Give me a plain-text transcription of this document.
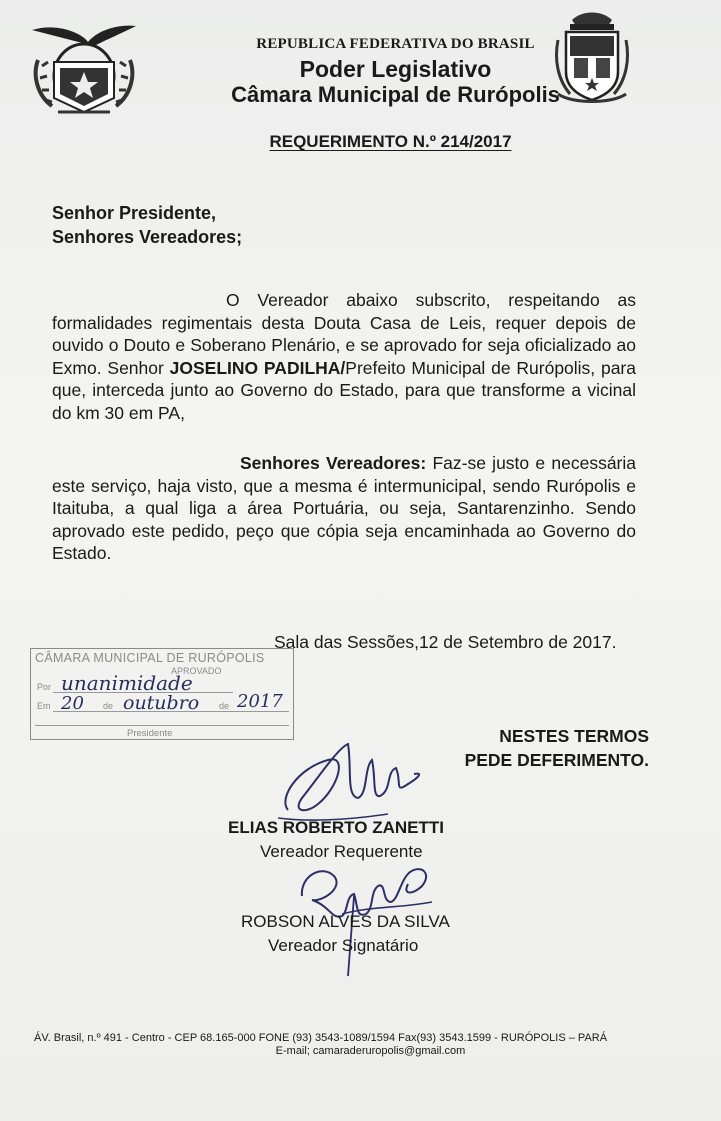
REPUBLICA FEDERATIVA DO BRASIL
Poder Legislativo
Câmara Municipal de Rurópolis
REQUERIMENTO N.º 214/2017
Senhor Presidente,
Senhores Vereadores;
O Vereador abaixo subscrito, respeitando as formalidades regimentais desta Douta Casa de Leis, requer depois de ouvido o Douto e Soberano Plenário, e se aprovado for seja oficializado ao Exmo. Senhor JOSELINO PADILHA/Prefeito Municipal de Rurópolis, para que, interceda junto ao Governo do Estado, para que transforme a vicinal do km 30 em PA,
Senhores Vereadores: Faz-se justo e necessária este serviço, haja visto, que a mesma é intermunicipal, sendo Rurópolis e Itaituba, a qual liga a área Portuária, ou seja, Santarenzinho. Sendo aprovado este pedido, peço que cópia seja encaminhada ao Governo do Estado.
Sala das Sessões,12 de Setembro de 2017.
CÂMARA MUNICIPAL DE RURÓPOLIS
APROVADO
Por unanimidade
Em 20 de outubro de 2017
Presidente	NESTES TERMOS
PEDE DEFERIMENTO.
ELIAS ROBERTO ZANETTI
Vereador Requerente
ROBSON ALVES DA SILVA
Vereador Signatário
ÁV. Brasil, n.º 491 - Centro - CEP 68.165-000 FONE (93) 3543-1089/1594 Fax(93) 3543.1599 - RURÓPOLIS – PARÁ
E-mail; camaraderuropolis@gmail.com
